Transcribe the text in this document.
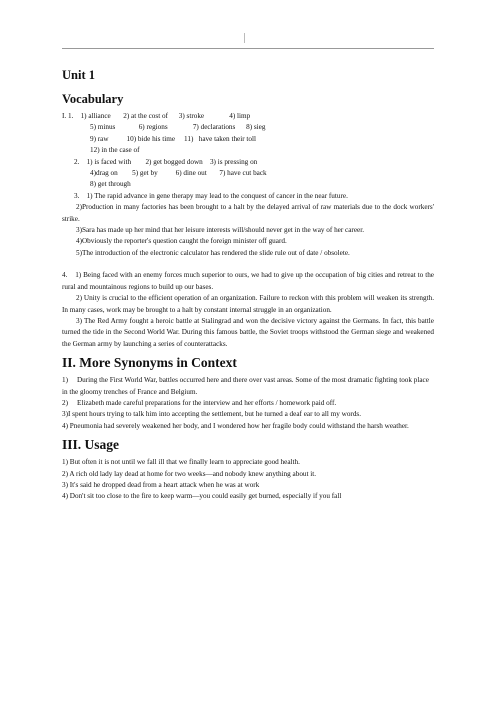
Unit 1
Vocabulary

I. 1.    1) alliance       2) at the cost of      3) stroke              4) limp

5) minus             6) regions              7) declarations      8) sieg

9) raw          10) bide his time     11)   have taken their toll

12) in the case of

2.    1) is faced with        2) get bogged down    3) is pressing on

4)drag on        5) get by          6) dine out       7) have cut back

8) get through

3.    1) The rapid advance in gene therapy may lead to the conquest of cancer in the near future.

2)Production in many factories has been brought to a halt by the delayed arrival of raw materials due to the dock workers' strike.

3)Sara has made up her mind that her leisure interests will/should never get in the way of her career.

4)Obviously the reporter's question caught the foreign minister off guard.

5)The introduction of the electronic calculator has rendered the slide rule out of date / obsolete.

4.    1) Being faced with an enemy forces much superior to ours, we had to give up the occupation of big cities and retreat to the rural and mountainous regions to build up our bases.

2) Unity is crucial to the efficient operation of an organization. Failure to reckon with this problem will weaken its strength. In many cases, work may be brought to a halt by constant internal struggle in an organization.

3) The Red Army fought a heroic battle at Stalingrad and won the decisive victory against the Germans. In fact, this battle turned the tide in the Second World War. During this famous battle, the Soviet troops withstood the German siege and weakened the German army by launching a series of counterattacks.

II. More Synonyms in Context

1)     During the First World War, battles occurred here and there over vast areas. Some of the most dramatic fighting took place in the gloomy trenches of France and Belgium.

2)     Elizabeth made careful preparations for the interview and her efforts / homework paid off.

3)I spent hours trying to talk him into accepting the settlement, but he turned a deaf ear to all my words.

4) Pneumonia had severely weakened her body, and I wondered how her fragile body could withstand the harsh weather.

III. Usage

1) But often it is not until we fall ill that we finally learn to appreciate good health.

2) A rich old lady lay dead at home for two weeks—and nobody knew anything about it.

3) It's said he dropped dead from a heart attack when he was at work

4) Don't sit too close to the fire to keep warm—you could easily get burned, especially if you fall
